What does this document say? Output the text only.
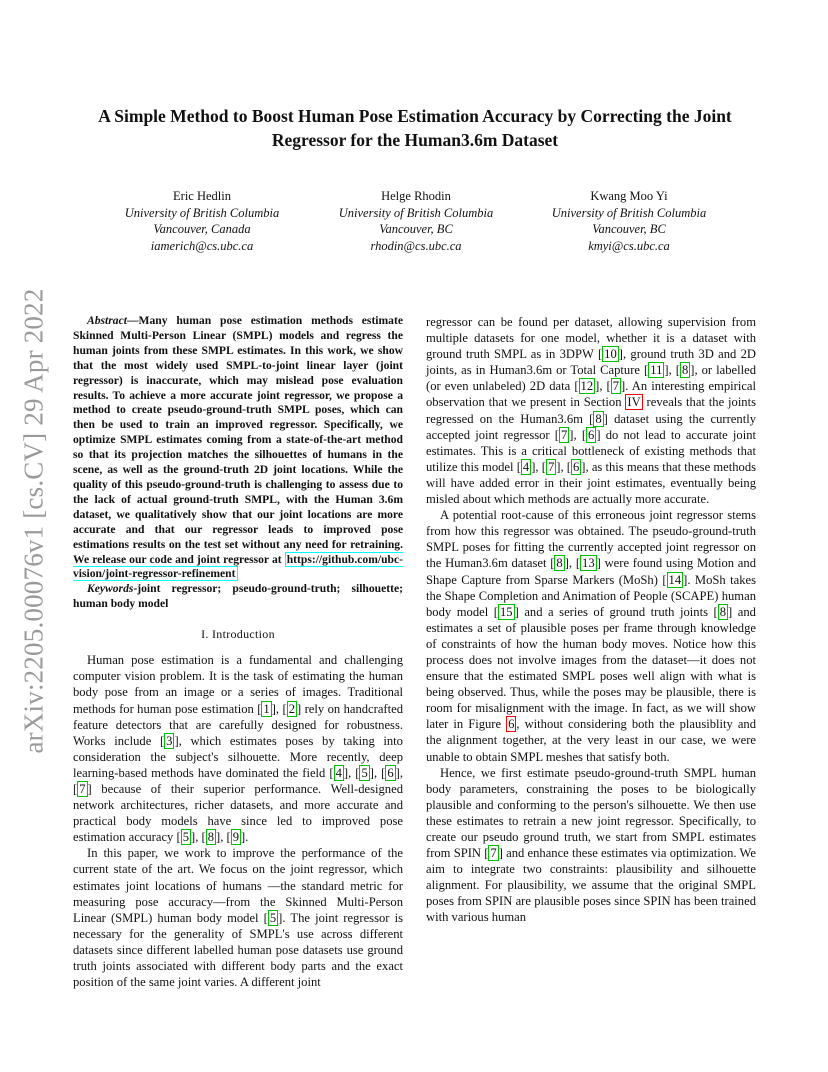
arXiv:2205.00076v1 [cs.CV] 29 Apr 2022
A Simple Method to Boost Human Pose Estimation Accuracy by Correcting the Joint Regressor for the Human3.6m Dataset
Eric Hedlin
University of British Columbia
Vancouver, Canada
iamerich@cs.ubc.ca
Helge Rhodin
University of British Columbia
Vancouver, BC
rhodin@cs.ubc.ca
Kwang Moo Yi
University of British Columbia
Vancouver, BC
kmyi@cs.ubc.ca

Abstract—Many human pose estimation methods estimate Skinned Multi-Person Linear (SMPL) models and regress the human joints from these SMPL estimates. In this work, we show that the most widely used SMPL-to-joint linear layer (joint regressor) is inaccurate, which may mislead pose evaluation results. To achieve a more accurate joint regressor, we propose a method to create pseudo-ground-truth SMPL poses, which can then be used to train an improved regressor. Specifically, we optimize SMPL estimates coming from a state-of-the-art method so that its projection matches the silhouettes of humans in the scene, as well as the ground-truth 2D joint locations. While the quality of this pseudo-ground-truth is challenging to assess due to the lack of actual ground-truth SMPL, with the Human 3.6m dataset, we qualitatively show that our joint locations are more accurate and that our regressor leads to improved pose estimations results on the test set without any need for retraining. We release our code and joint regressor at https://github.com/ubc-vision/joint-regressor-refinement

Keywords-joint regressor; pseudo-ground-truth; silhouette; human body model

I. Introduction

Human pose estimation is a fundamental and challenging computer vision problem. It is the task of estimating the human body pose from an image or a series of images. Traditional methods for human pose estimation [ 1 ], [ 2 ] rely on handcrafted feature detectors that are carefully designed for robustness. Works include [ 3 ], which estimates poses by taking into consideration the subject's silhouette. More recently, deep learning-based methods have dominated the field [ 4 ], [ 5 ], [ 6 ], [ 7 ] because of their superior performance. Well-designed network architectures, richer datasets, and more accurate and practical body models have since led to improved pose estimation accuracy [ 5 ], [ 8 ], [ 9 ].

In this paper, we work to improve the performance of the current state of the art. We focus on the joint regressor, which estimates joint locations of humans —the standard metric for measuring pose accuracy—from the Skinned Multi-Person Linear (SMPL) human body model [ 5 ]. The joint regressor is necessary for the generality of SMPL's use across different datasets since different labelled human pose datasets use ground truth joints associated with different body parts and the exact position of the same joint varies. A different joint

regressor can be found per dataset, allowing supervision from multiple datasets for one model, whether it is a dataset with ground truth SMPL as in 3DPW [ 10 ], ground truth 3D and 2D joints, as in Human3.6m or Total Capture [ 11 ], [ 8 ], or labelled (or even unlabeled) 2D data [ 12 ], [ 7 ]. An interesting empirical observation that we present in Section IV reveals that the joints regressed on the Human3.6m [ 8 ] dataset using the currently accepted joint regressor [ 7 ], [ 6 ] do not lead to accurate joint estimates. This is a critical bottleneck of existing methods that utilize this model [ 4 ], [ 7 ], [ 6 ], as this means that these methods will have added error in their joint estimates, eventually being misled about which methods are actually more accurate.

A potential root-cause of this erroneous joint regressor stems from how this regressor was obtained. The pseudo-ground-truth SMPL poses for fitting the currently accepted joint regressor on the Human3.6m dataset [ 8 ], [ 13 ] were found using Motion and Shape Capture from Sparse Markers (MoSh) [ 14 ]. MoSh takes the Shape Completion and Animation of People (SCAPE) human body model [ 15 ] and a series of ground truth joints [ 8 ] and estimates a set of plausible poses per frame through knowledge of constraints of how the human body moves. Notice how this process does not involve images from the dataset—it does not ensure that the estimated SMPL poses well align with what is being observed. Thus, while the poses may be plausible, there is room for misalignment with the image. In fact, as we will show later in Figure 6 , without considering both the plausiblity and the alignment together, at the very least in our case, we were unable to obtain SMPL meshes that satisfy both.

Hence, we first estimate pseudo-ground-truth SMPL human body parameters, constraining the poses to be biologically plausible and conforming to the person's silhouette. We then use these estimates to retrain a new joint regressor. Specifically, to create our pseudo ground truth, we start from SMPL estimates from SPIN [ 7 ] and enhance these estimates via optimization. We aim to integrate two constraints: plausibility and silhouette alignment. For plausibility, we assume that the original SMPL poses from SPIN are plausible poses since SPIN has been trained with various human
